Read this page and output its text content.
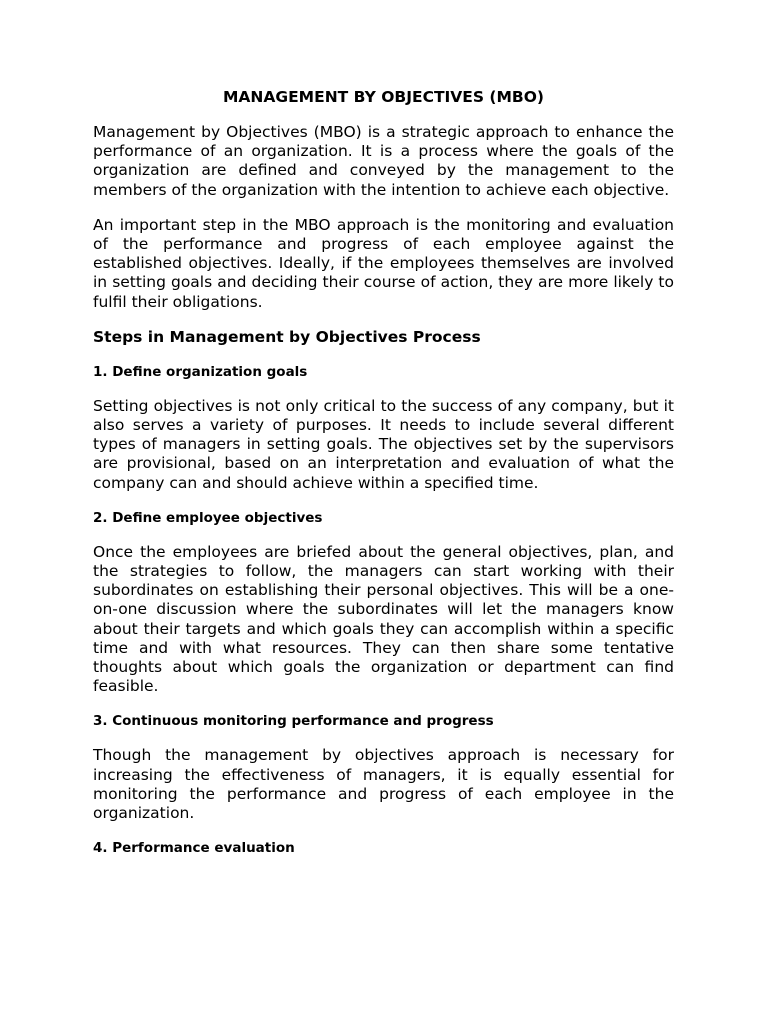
MANAGEMENT BY OBJECTIVES (MBO)

Management by Objectives (MBO) is a strategic approach to enhance the performance of an organization. It is a process where the goals of the organization are defined and conveyed by the management to the members of the organization with the intention to achieve each objective.

An important step in the MBO approach is the monitoring and evaluation of the performance and progress of each employee against the established objectives. Ideally, if the employees themselves are involved in setting goals and deciding their course of action, they are more likely to fulfil their obligations.

Steps in Management by Objectives Process
1. Define organization goals

Setting objectives is not only critical to the success of any company, but it also serves a variety of purposes. It needs to include several different types of managers in setting goals. The objectives set by the supervisors are provisional, based on an interpretation and evaluation of what the company can and should achieve within a specified time.

2. Define employee objectives

Once the employees are briefed about the general objectives, plan, and the strategies to follow, the managers can start working with their subordinates on establishing their personal objectives. This will be a one-on-one discussion where the subordinates will let the managers know about their targets and which goals they can accomplish within a specific time and with what resources. They can then share some tentative thoughts about which goals the organization or department can find feasible.

3. Continuous monitoring performance and progress

Though the management by objectives approach is necessary for increasing the effectiveness of managers, it is equally essential for monitoring the performance and progress of each employee in the organization.

4. Performance evaluation
